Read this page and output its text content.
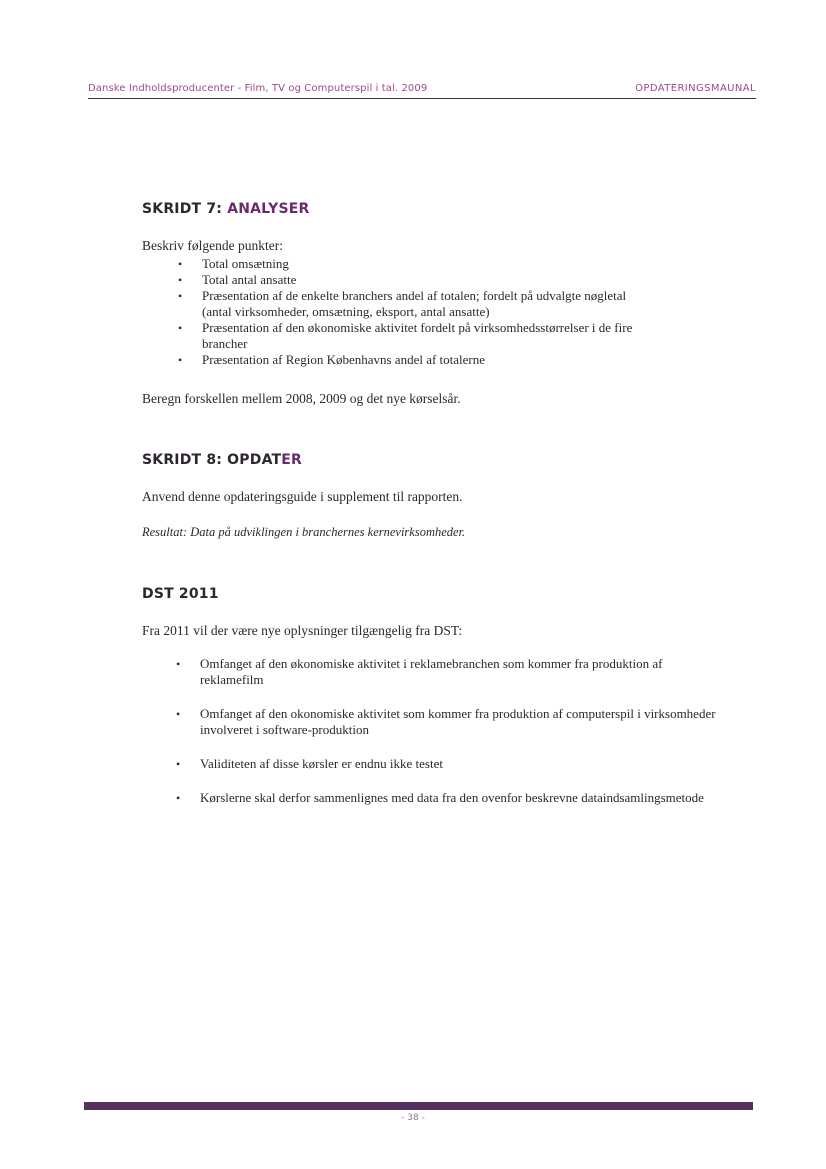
Danske Indholdsproducenter - Film, TV og Computerspil i tal. 2009	OPDATERINGSMAUNAL
SKRIDT 7: ANALYSER

Beskriv følgende punkter:

• Total omsætning
• Total antal ansatte
• Præsentation af de enkelte branchers andel af totalen; fordelt på udvalgte nøgletal (antal virksomheder, omsætning, eksport, antal ansatte)
• Præsentation af den økonomiske aktivitet fordelt på virksomhedsstørrelser i de fire brancher
• Præsentation af Region Københavns andel af totalerne

Beregn forskellen mellem 2008, 2009 og det nye kørselsår.

SKRIDT 8: OPDATER

Anvend denne opdateringsguide i supplement til rapporten.

Resultat: Data på udviklingen i branchernes kernevirksomheder.

DST 2011

Fra 2011 vil der være nye oplysninger tilgængelig fra DST:

• Omfanget af den økonomiske aktivitet i reklamebranchen som kommer fra produktion af reklamefilm
• Omfanget af den okonomiske aktivitet som kommer fra produktion af computerspil i virksomheder involveret i software-produktion
• Validiteten af disse kørsler er endnu ikke testet
• Kørslerne skal derfor sammenlignes med data fra den ovenfor beskrevne dataindsamlingsmetode
- 38 -
